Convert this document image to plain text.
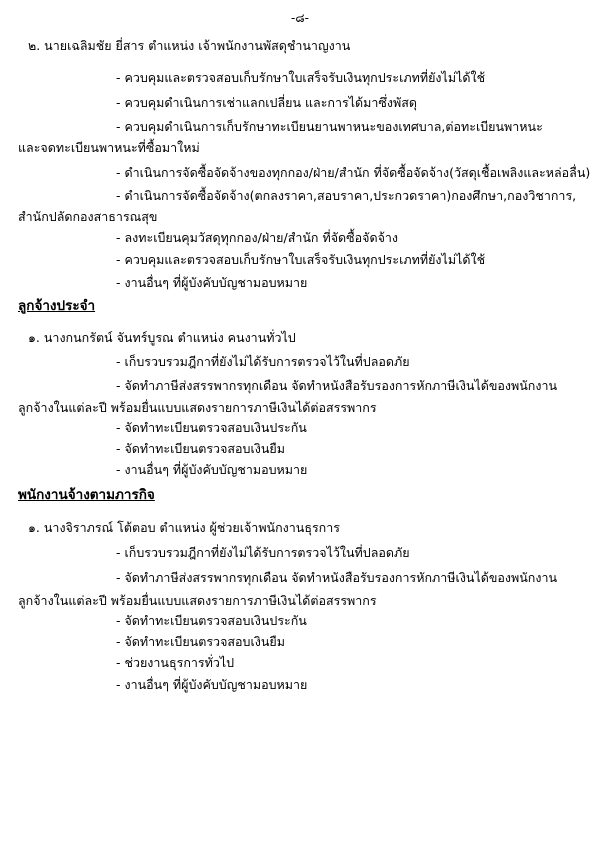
-๘-
๒. นายเฉลิมชัย ยี่สาร ตำแหน่ง เจ้าพนักงานพัสดุชำนาญงาน
- ควบคุมและตรวจสอบเก็บรักษาใบเสร็จรับเงินทุกประเภทที่ยังไม่ได้ใช้
- ควบคุมดำเนินการเช่าแลกเปลี่ยน และการได้มาซึ่งพัสดุ
- ควบคุมดำเนินการเก็บรักษาทะเบียนยานพาหนะของเทศบาล,ต่อทะเบียนพาหนะ
และจดทะเบียนพาหนะที่ซื้อมาใหม่
- ดำเนินการจัดซื้อจัดจ้างของทุกกอง/ฝ่าย/สำนัก ที่จัดซื้อจัดจ้าง(วัสดุเชื้อเพลิงและหล่อลื่น)
- ดำเนินการจัดซื้อจัดจ้าง(ตกลงราคา,สอบราคา,ประกวดราคา)กองศึกษา,กองวิชาการ,
สำนักปลัดกองสาธารณสุข
- ลงทะเบียนคุมวัสดุทุกกอง/ฝ่าย/สำนัก ที่จัดซื้อจัดจ้าง
- ควบคุมและตรวจสอบเก็บรักษาใบเสร็จรับเงินทุกประเภทที่ยังไม่ได้ใช้
- งานอื่นๆ ที่ผู้บังคับบัญชามอบหมาย
ลูกจ้างประจำ
๑. นางกนกรัตน์ จันทร์บูรณ ตำแหน่ง คนงานทั่วไป
- เก็บรวบรวมฎีกาที่ยังไม่ได้รับการตรวจไว้ในที่ปลอดภัย
- จัดทำภาษีส่งสรรพากรทุกเดือน จัดทำหนังสือรับรองการหักภาษีเงินได้ของพนักงาน
ลูกจ้างในแต่ละปี พร้อมยื่นแบบแสดงรายการภาษีเงินได้ต่อสรรพากร
- จัดทำทะเบียนตรวจสอบเงินประกัน
- จัดทำทะเบียนตรวจสอบเงินยืม
- งานอื่นๆ ที่ผู้บังคับบัญชามอบหมาย
พนักงานจ้างตามภารกิจ
๑. นางจิราภรณ์ โต้ตอบ ตำแหน่ง ผู้ช่วยเจ้าพนักงานธุรการ
- เก็บรวบรวมฎีกาที่ยังไม่ได้รับการตรวจไว้ในที่ปลอดภัย
- จัดทำภาษีส่งสรรพากรทุกเดือน จัดทำหนังสือรับรองการหักภาษีเงินได้ของพนักงาน
ลูกจ้างในแต่ละปี พร้อมยื่นแบบแสดงรายการภาษีเงินได้ต่อสรรพากร
- จัดทำทะเบียนตรวจสอบเงินประกัน
- จัดทำทะเบียนตรวจสอบเงินยืม
- ช่วยงานธุรการทั่วไป
- งานอื่นๆ ที่ผู้บังคับบัญชามอบหมาย
